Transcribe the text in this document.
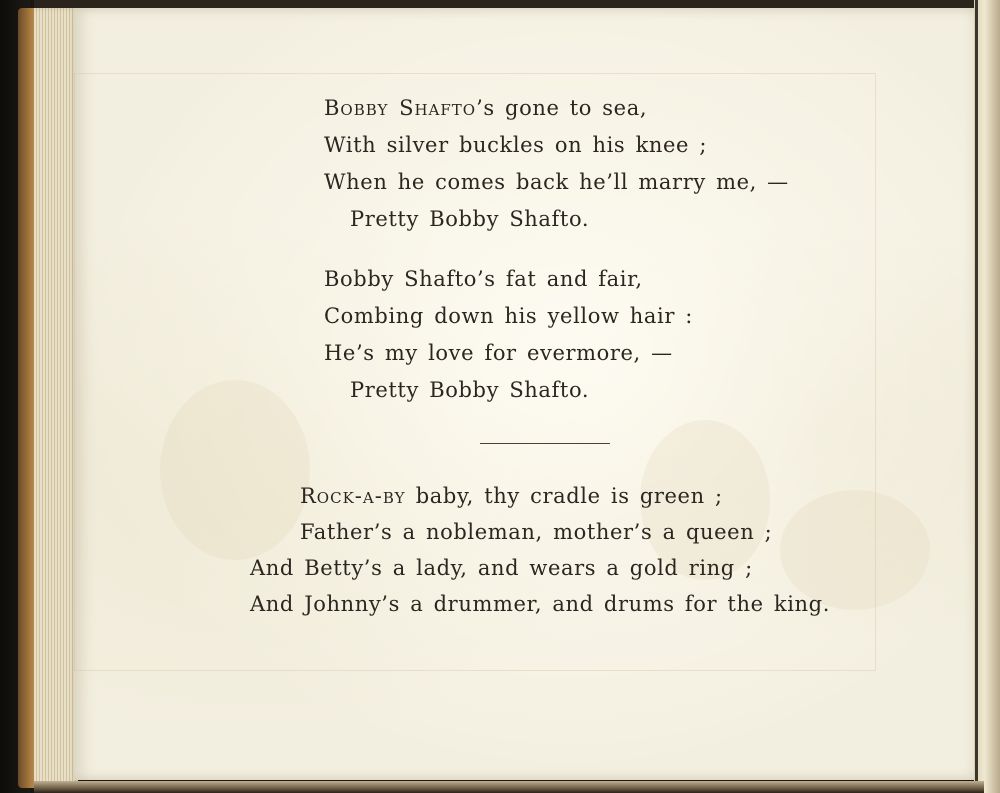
Bobby Shafto’s gone to sea,
With silver buckles on his knee ;
When he comes back he’ll marry me, —
Pretty Bobby Shafto.
Bobby Shafto’s fat and fair,
Combing down his yellow hair :
He’s my love for evermore, —
Pretty Bobby Shafto.
Rock-a-by baby, thy cradle is green ;
Father’s a nobleman, mother’s a queen ;
And Betty’s a lady, and wears a gold ring ;
And Johnny’s a drummer, and drums for the king.
